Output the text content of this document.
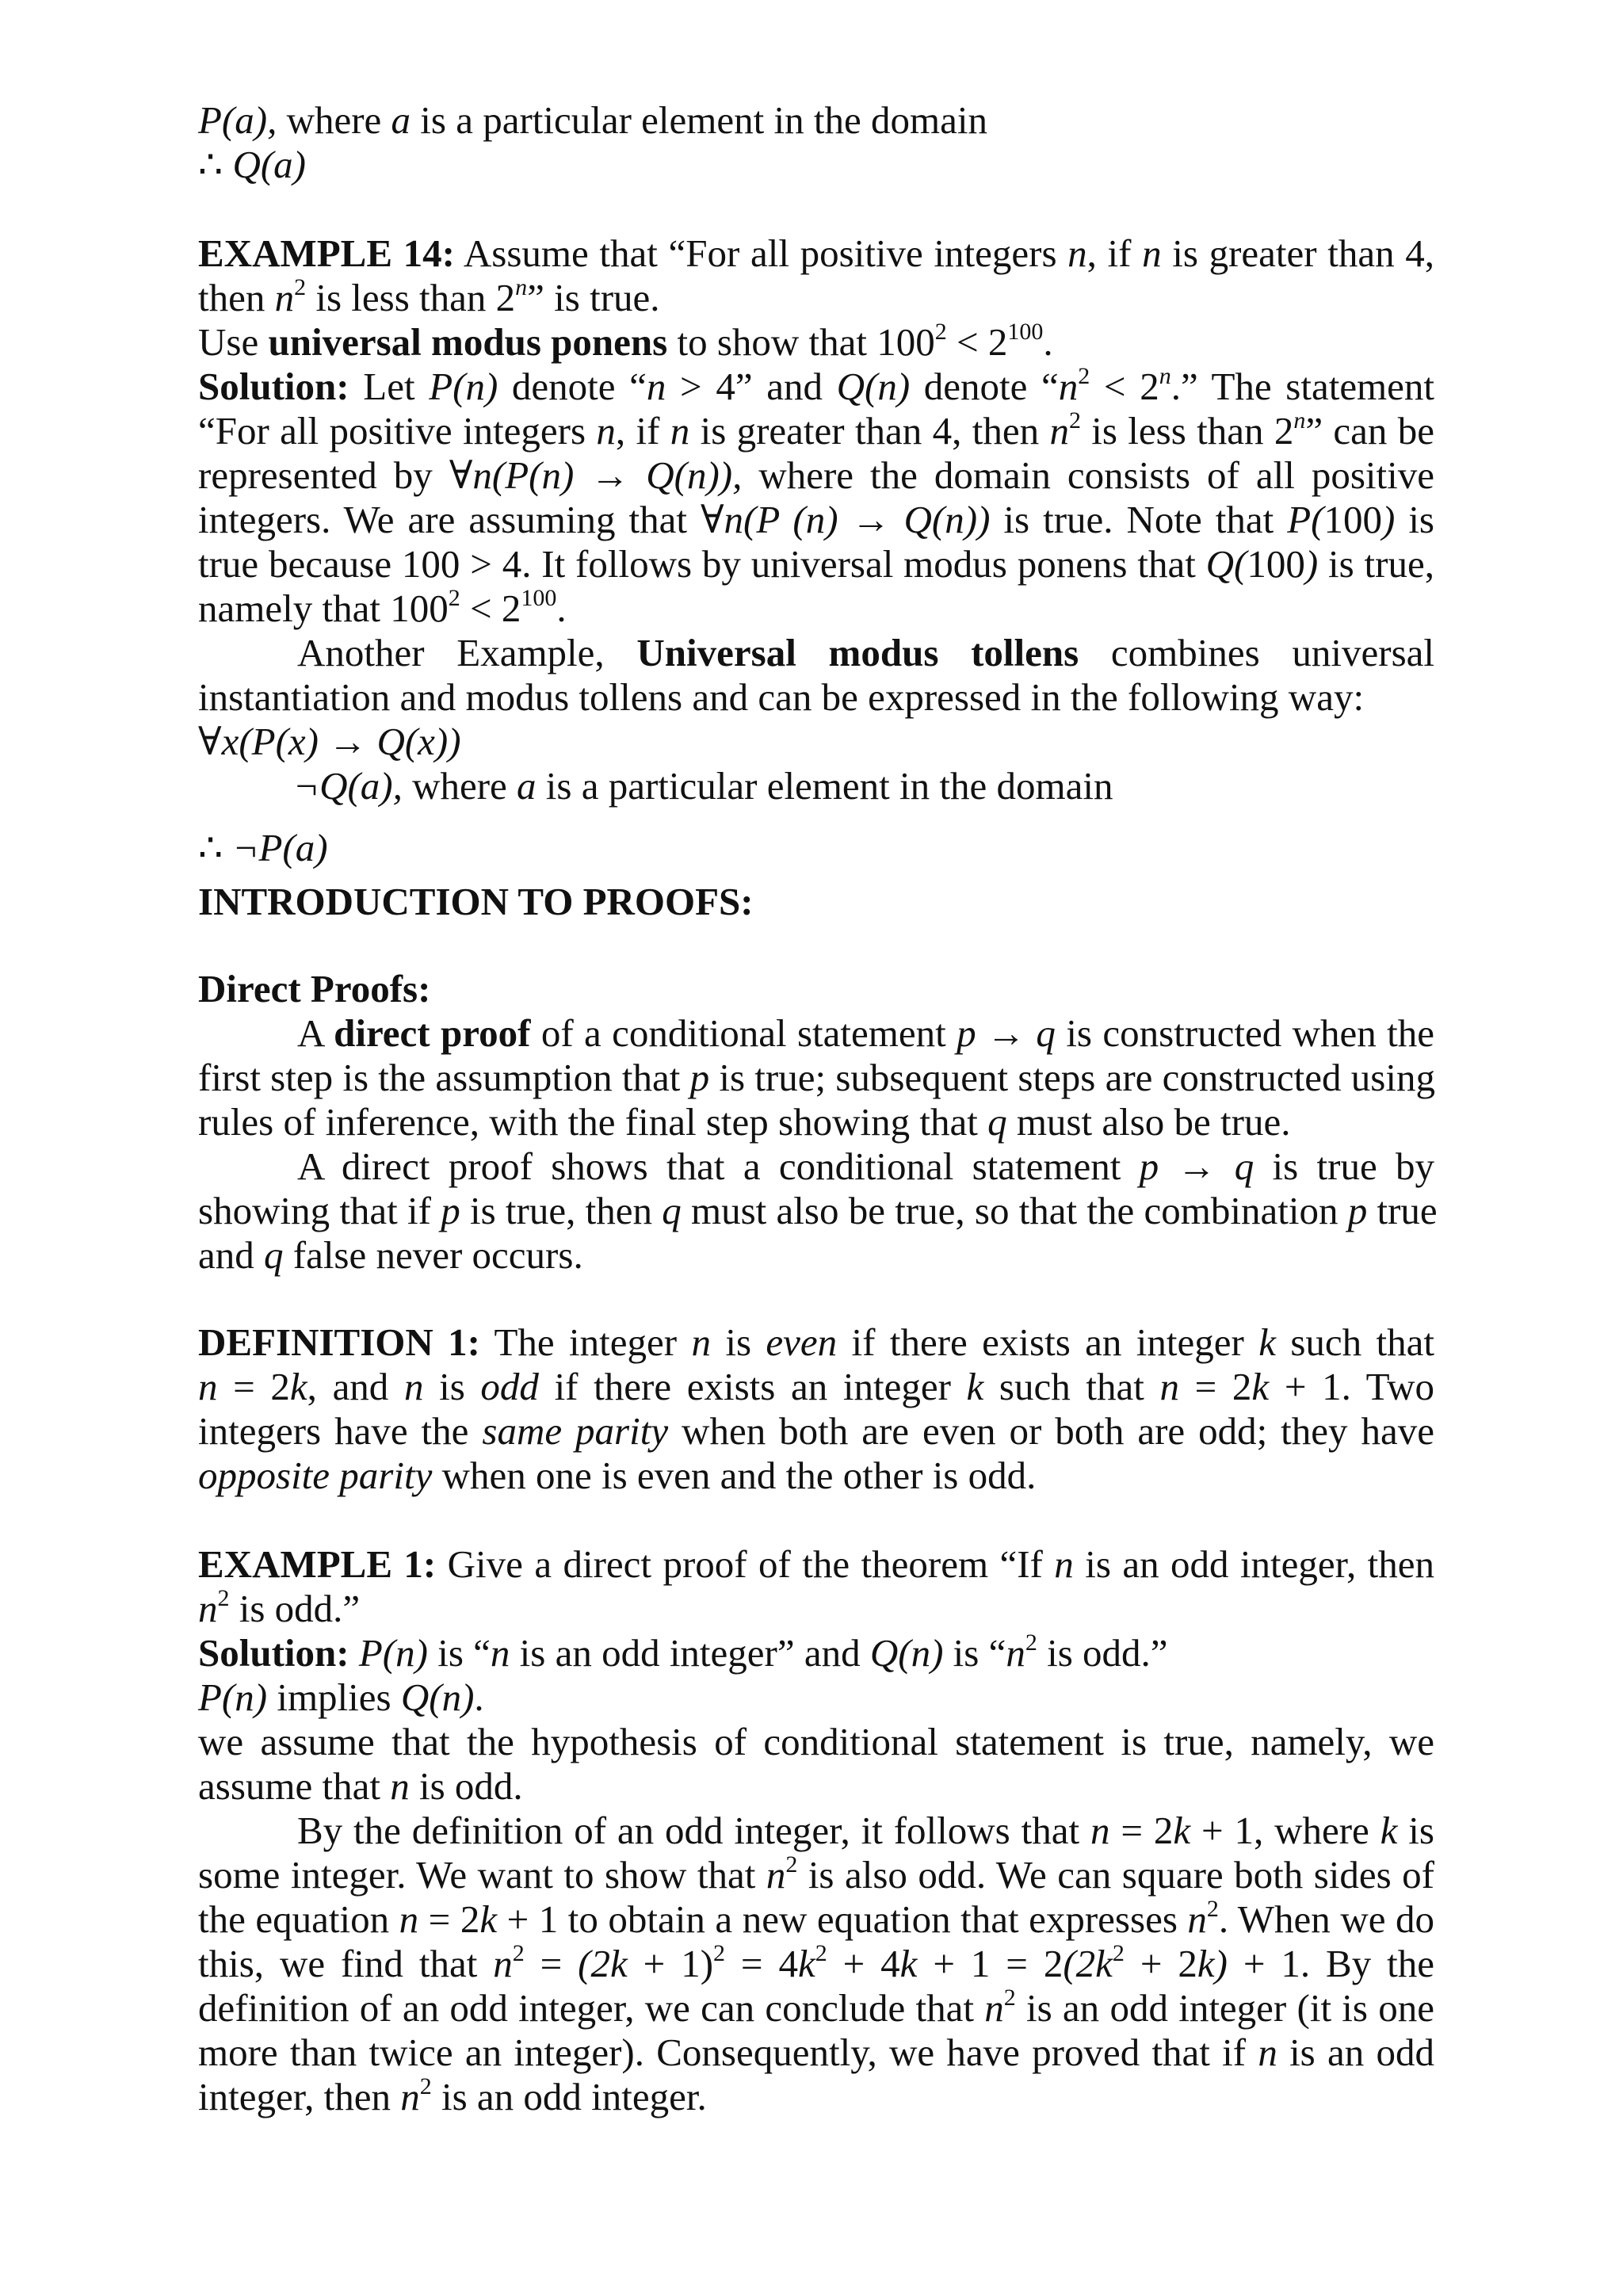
P(a), where a is a particular element in the domain
∴ Q(a)
EXAMPLE 14: Assume that “For all positive integers n, if n is greater than 4,
then $n^2$ is less than 2$^n$” is true.
Use universal modus ponens to show that $100^2 < 2^{100}$.
Solution: Let P(n) denote “n > 4” and Q(n) denote “$n^2 < 2^n$.” The statement
“For all positive integers n, if n is greater than 4, then $n^2$ is less than 2$^n$” can be
represented by ∀n(P(n) → Q(n)), where the domain consists of all positive
integers. We are assuming that ∀n(P (n) → Q(n)) is true. Note that P(100) is
true because 100 > 4. It follows by universal modus ponens that Q(100) is true,
namely that $100^2 < 2^{100}$.
Another Example, Universal modus tollens combines universal
instantiation and modus tollens and can be expressed in the following way:
∀x(P(x) → Q(x))
¬Q(a), where a is a particular element in the domain
∴ ¬P(a)
INTRODUCTION TO PROOFS:
Direct Proofs:
A direct proof of a conditional statement p → q is constructed when the
first step is the assumption that p is true; subsequent steps are constructed using
rules of inference, with the final step showing that q must also be true.
A direct proof shows that a conditional statement p → q is true by
showing that if p is true, then q must also be true, so that the combination p true
and q false never occurs.
DEFINITION 1: The integer n is even if there exists an integer k such that
n = 2k, and n is odd if there exists an integer k such that n = 2k + 1. Two
integers have the same parity when both are even or both are odd; they have
opposite parity when one is even and the other is odd.
EXAMPLE 1: Give a direct proof of the theorem “If n is an odd integer, then
$n^2$ is odd.”
Solution: P(n) is “n is an odd integer” and Q(n) is “$n^2$ is odd.”
P(n) implies Q(n).
we assume that the hypothesis of conditional statement is true, namely, we
assume that n is odd.
By the definition of an odd integer, it follows that n = 2k + 1, where k is
some integer. We want to show that $n^2$ is also odd. We can square both sides of
the equation n = 2k + 1 to obtain a new equation that expresses $n^2$. When we do
this, we find that $n^2 = (2k + 1)^2 = 4k^2 + 4k + 1 = 2(2k^2 + 2k) + 1$. By the
definition of an odd integer, we can conclude that $n^2$ is an odd integer (it is one
more than twice an integer). Consequently, we have proved that if n is an odd
integer, then $n^2$ is an odd integer.
